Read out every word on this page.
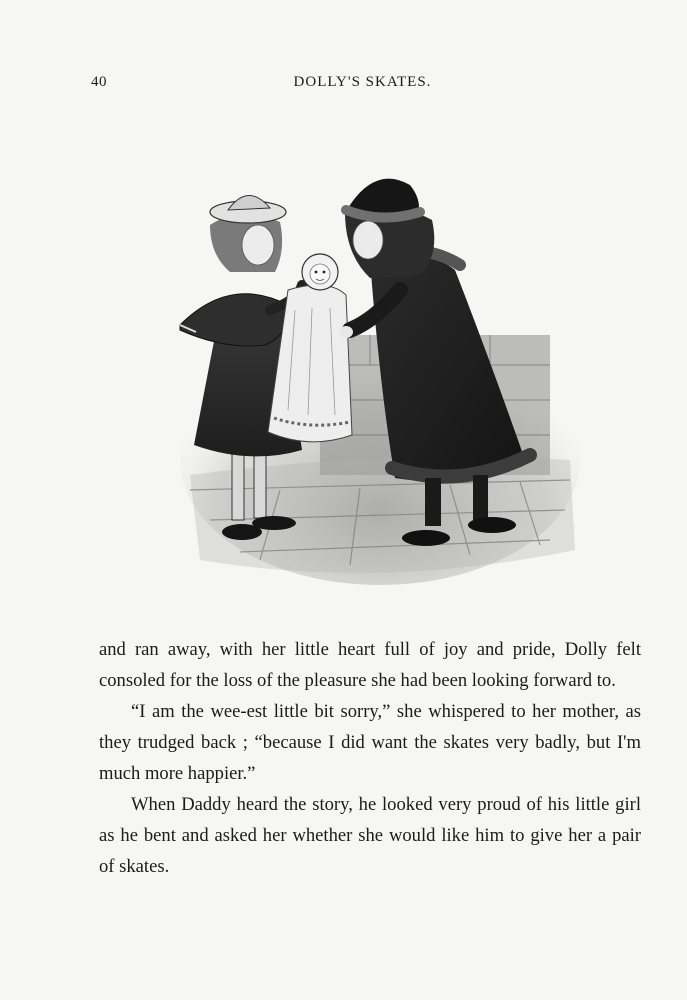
40	DOLLY'S SKATES.

and ran away, with her little heart full of joy and pride, Dolly felt consoled for the loss of the pleasure she had been looking forward to.

“I am the wee-est little bit sorry,” she whispered to her mother, as they trudged back ; “because I did want the skates very badly, but I'm much more happier.”

When Daddy heard the story, he looked very proud of his little girl as he bent and asked her whether she would like him to give her a pair of skates.
